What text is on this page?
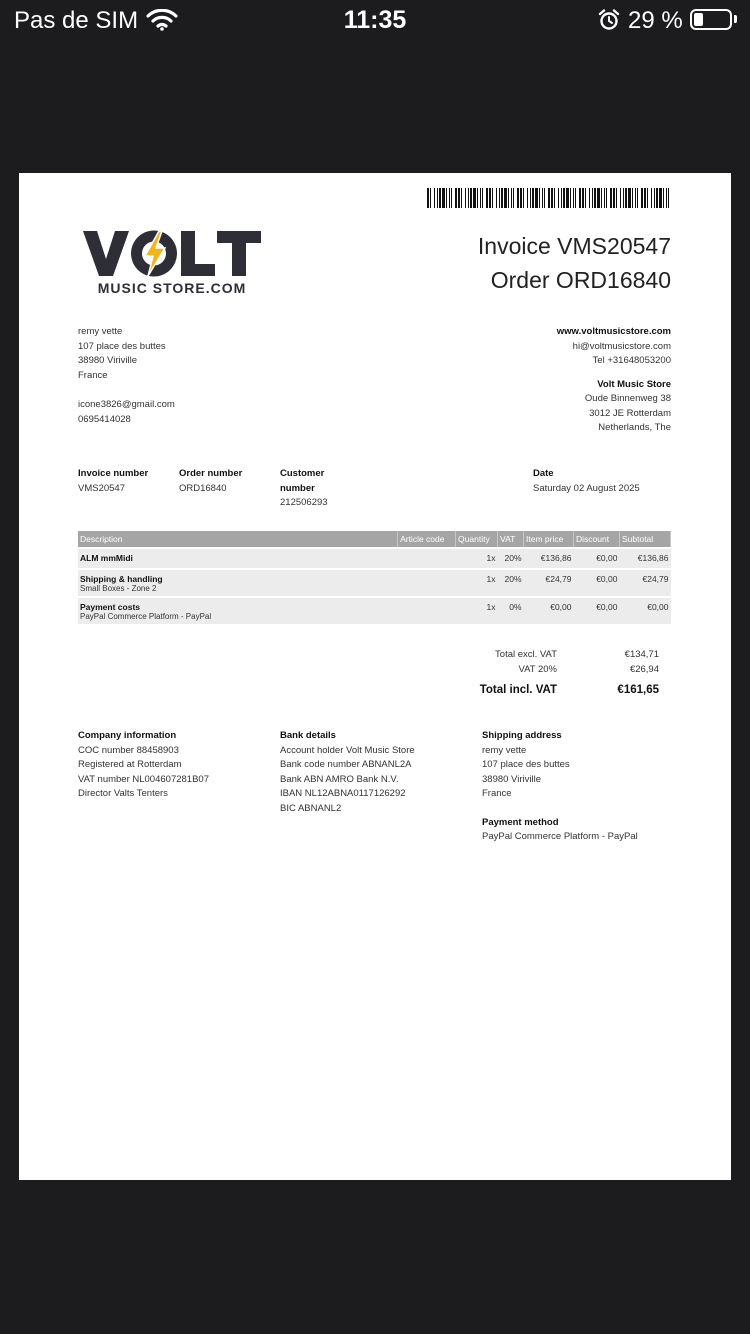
Pas de SIM	11:35	29 %
MUSIC STORE.COM
Invoice VMS20547
Order ORD16840
remy vette
107 place des buttes
38980 Viriville
France
icone3826@gmail.com
0695414028
www.voltmusicstore.com
hi@voltmusicstore.com
Tel +31648053200
Volt Music Store
Oude Binnenweg 38
3012 JE Rotterdam
Netherlands, The
Invoice number
VMS20547
Order number
ORD16840
Customer
number
212506293
Date
Saturday 02 August 2025
Description	Article code	Quantity	VAT	Item price	Discount	Subtotal

ALM mmMidi		1x	20%	€136,86	€0,00	€136,86

Shipping & handling
Small Boxes - Zone 2		1x	20%	€24,79	€0,00	€24,79

Payment costs
PayPal Commerce Platform - PayPal		1x	0%	€0,00	€0,00	€0,00
Total excl. VAT	€134,71
VAT 20%	€26,94
Total incl. VAT	€161,65
Company information
COC number 88458903
Registered at Rotterdam
VAT number NL004607281B07
Director Valts Tenters
Bank details
Account holder Volt Music Store
Bank code number ABNANL2A
Bank ABN AMRO Bank N.V.
IBAN NL12ABNA0117126292
BIC ABNANL2
Shipping address
remy vette
107 place des buttes
38980 Viriville
France
Payment method
PayPal Commerce Platform - PayPal
